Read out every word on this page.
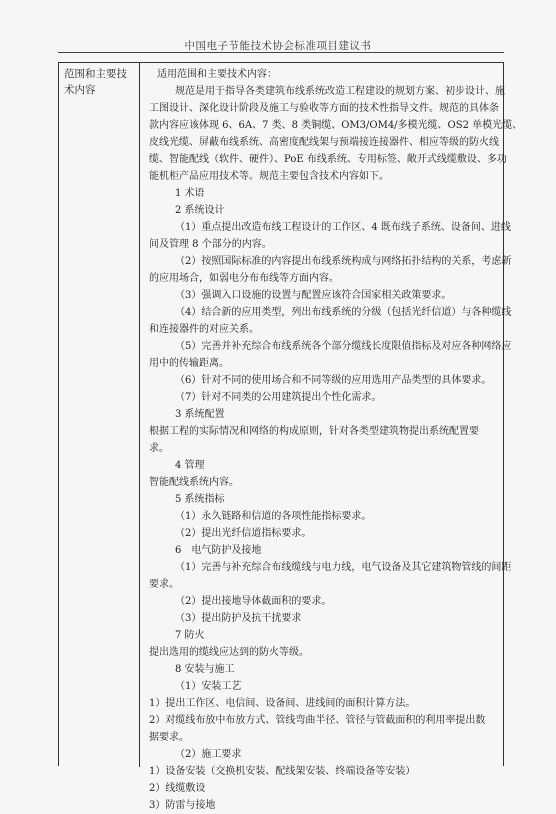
中国电子节能技术协会标准项目建议书
范围和主要技术内容
适用范围和主要技术内容：
规范是用于指导各类建筑布线系统改造工程建设的规划方案、初步设计、施
工图设计、深化设计阶段及施工与验收等方面的技术性指导文件。规范的具体条
款内容应该体现 6、6A、7 类、8 类铜缆、OM3/OM4/多模光缆、OS2 单模光缆、
皮线光缆、屏蔽布线系统、高密度配线架与预端接连接器件、相应等级的防火线
缆、智能配线（软件、硬件）、PoE 布线系统、专用标签、敞开式线缆敷设、多功
能机柜产品应用技术等。规范主要包含技术内容如下。
1 术语
2 系统设计
（1）重点提出改造布线工程设计的工作区、4 既布线子系统、设备间、进线
间及管理 8 个部分的内容。
（2）按照国际标准的内容提出布线系统构成与网络拓扑结构的关系，考虑新
的应用场合，如弱电分布布线等方面内容。
（3）强调入口设施的设置与配置应该符合国家相关政策要求。
（4）结合新的应用类型，列出布线系统的分级（包括光纤信道）与各种缆线
和连接器件的对应关系。
（5）完善并补充综合布线系统各个部分缆线长度限值指标及对应各种网络应
用中的传输距离。
（6）针对不同的使用场合和不同等级的应用选用产品类型的具体要求。
（7）针对不同类的公用建筑提出个性化需求。
3 系统配置
根据工程的实际情况和网络的构成原则，针对各类型建筑物提出系统配置要
求。
4 管理
智能配线系统内容。
5 系统指标
（1）永久链路和信道的各项性能指标要求。
（2）提出光纤信道指标要求。
6　电气防护及接地
（1）完善与补充综合布线缆线与电力线，电气设备及其它建筑物管线的间距
要求。
（2）提出接地导体截面积的要求。
（3）提出防护及抗干扰要求
7 防火
提出选用的缆线应达到的防火等级。
8 安装与施工
（1）安装工艺
1）提出工作区、电信间、设备间、进线间的面积计算方法。
2）对缆线布放中布放方式、管线弯曲半径、管径与管截面积的利用率提出数
据要求。
（2）施工要求
1）设备安装（交换机安装、配线架安装、终端设备等安装）
2）线缆敷设
3）防雷与接地
